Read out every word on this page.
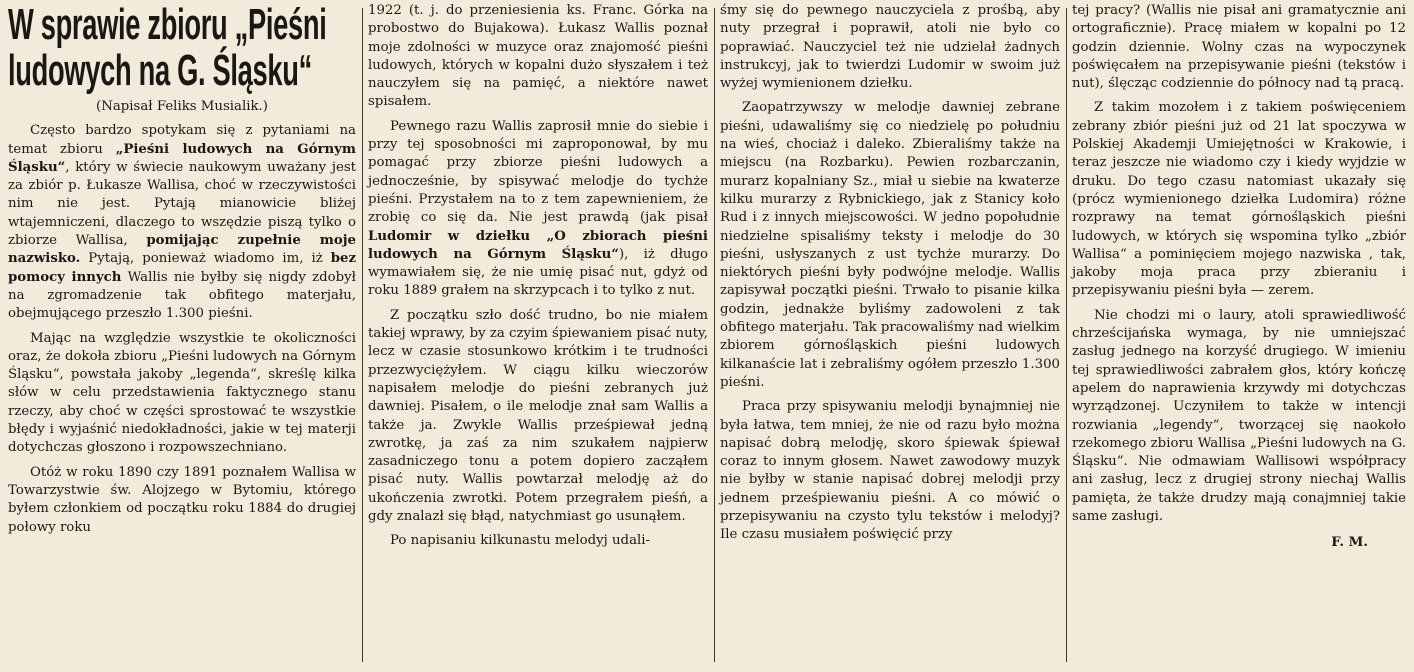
W sprawie zbioru „Pieśni
ludowych na G. Śląsku“
(Napisał Feliks Musialik.)

Często bardzo spotykam się z pytaniami na temat zbioru „Pieśni ludowych na Górnym Śląsku“, który w świecie naukowym uważany jest za zbiór p. Łukasze Wallisa, choć w rzeczywistości nim nie jest. Pytają mianowicie bliżej wtajemniczeni, dlaczego to wszędzie piszą tylko o zbiorze Wallisa, pomijając zupełnie moje nazwisko. Pytają, ponieważ wiadomo im, iż bez pomocy innych Wallis nie byłby się nigdy zdobył na zgromadzenie tak obfitego materjału, obejmującego przeszło 1.300 pieśni.

Mając na względzie wszystkie te okoliczności oraz, że dokoła zbioru „Pieśni ludowych na Górnym Śląsku“, powstała jakoby „legenda“, skreślę kilka słów w celu przedstawienia faktycznego stanu rzeczy, aby choć w części sprostować te wszystkie błędy i wyjaśnić niedokładności, jakie w tej materji dotychczas głoszono i rozpowszechniano.

Otóż w roku 1890 czy 1891 poznałem Wallisa w Towarzystwie św. Alojzego w Bytomiu, którego byłem członkiem od początku roku 1884 do drugiej połowy roku

1922 (t. j. do przeniesienia ks. Franc. Górka na probostwo do Bujakowa). Łukasz Wallis poznał moje zdolności w muzyce oraz znajomość pieśni ludowych, których w kopalni dużo słyszałem i też nauczyłem się na pamięć, a niektóre nawet spisałem.

Pewnego razu Wallis zaprosił mnie do siebie i przy tej sposobności mi zaproponował, by mu pomagać przy zbiorze pieśni ludowych a jednocześnie, by spisywać melodje do tychże pieśni. Przystałem na to z tem zapewnieniem, że zrobię co się da. Nie jest prawdą (jak pisał Ludomir w dziełku „O zbiorach pieśni ludowych na Górnym Śląsku“), iż długo wymawiałem się, że nie umię pisać nut, gdyż od roku 1889 grałem na skrzypcach i to tylko z nut.

Z początku szło dość trudno, bo nie miałem takiej wprawy, by za czyim śpiewaniem pisać nuty, lecz w czasie stosunkowo krótkim i te trudności przezwyciężyłem. W ciągu kilku wieczorów napisałem melodje do pieśni zebranych już dawniej. Pisałem, o ile melodje znał sam Wallis a także ja. Zwykle Wallis prześpiewał jedną zwrotkę, ja zaś za nim szukałem najpierw zasadniczego tonu a potem dopiero zacząłem pisać nuty. Wallis powtarzał melodję aż do ukończenia zwrotki. Potem przegrałem pieśń, a gdy znalazł się błąd, natychmiast go usunąłem.

Po napisaniu kilkunastu melodyj udali-

śmy się do pewnego nauczyciela z prośbą, aby nuty przegrał i poprawił, atoli nie było co poprawiać. Nauczyciel też nie udzielał żadnych instrukcyj, jak to twierdzi Ludomir w swoim już wyżej wymienionem dziełku.

Zaopatrzywszy w melodje dawniej zebrane pieśni, udawaliśmy się co niedzielę po południu na wieś, chociaż i daleko. Zbieraliśmy także na miejscu (na Rozbarku). Pewien rozbarczanin, murarz kopalniany Sz., miał u siebie na kwaterze kilku murarzy z Rybnickiego, jak z Stanicy koło Rud i z innych miejscowości. W jedno popołudnie niedzielne spisaliśmy teksty i melodje do 30 pieśni, usłyszanych z ust tychże murarzy. Do niektórych pieśni były podwójne melodje. Wallis zapisywał początki pieśni. Trwało to pisanie kilka godzin, jednakże byliśmy zadowoleni z tak obfitego materjału. Tak pracowaliśmy nad wielkim zbiorem górnośląskich pieśni ludowych kilkanaście lat i zebraliśmy ogółem przeszło 1.300 pieśni.

Praca przy spisywaniu melodji bynajmniej nie była łatwa, tem mniej, że nie od razu było można napisać dobrą melodję, skoro śpiewak śpiewał coraz to innym głosem. Nawet zawodowy muzyk nie byłby w stanie napisać dobrej melodji przy jednem prześpiewaniu pieśni. A co mówić o przepisywaniu na czysto tylu tekstów i melodyj? Ile czasu musiałem poświęcić przy

tej pracy? (Wallis nie pisał ani gramatycznie ani ortograficznie). Pracę miałem w kopalni po 12 godzin dziennie. Wolny czas na wypoczynek poświęcałem na przepisywanie pieśni (tekstów i nut), ślęcząc codziennie do północy nad tą pracą.

Z takim mozołem i z takiem poświęceniem zebrany zbiór pieśni już od 21 lat spoczywa w Polskiej Akademji Umiejętności w Krakowie, i teraz jeszcze nie wiadomo czy i kiedy wyjdzie w druku. Do tego czasu natomiast ukazały się (prócz wymienionego dziełka Ludomira) różne rozprawy na temat górnośląskich pieśni ludowych, w których się wspomina tylko „zbiór Wallisa“ a pominięciem mojego nazwiska , tak, jakoby moja praca przy zbieraniu i przepisywaniu pieśni była — zerem.

Nie chodzi mi o laury, atoli sprawiedliwość chrześcijańska wymaga, by nie umniejszać zasług jednego na korzyść drugiego. W imieniu tej sprawiedliwości zabrałem głos, który kończę apelem do naprawienia krzywdy mi dotychczas wyrządzonej. Uczyniłem to także w intencji rozwiania „legendy“, tworzącej się naokoło rzekomego zbioru Wallisa „Pieśni ludowych na G. Śląsku“. Nie odmawiam Wallisowi współpracy ani zasług, lecz z drugiej strony niechaj Wallis pamięta, że także drudzy mają conajmniej takie same zasługi.

F. M.
